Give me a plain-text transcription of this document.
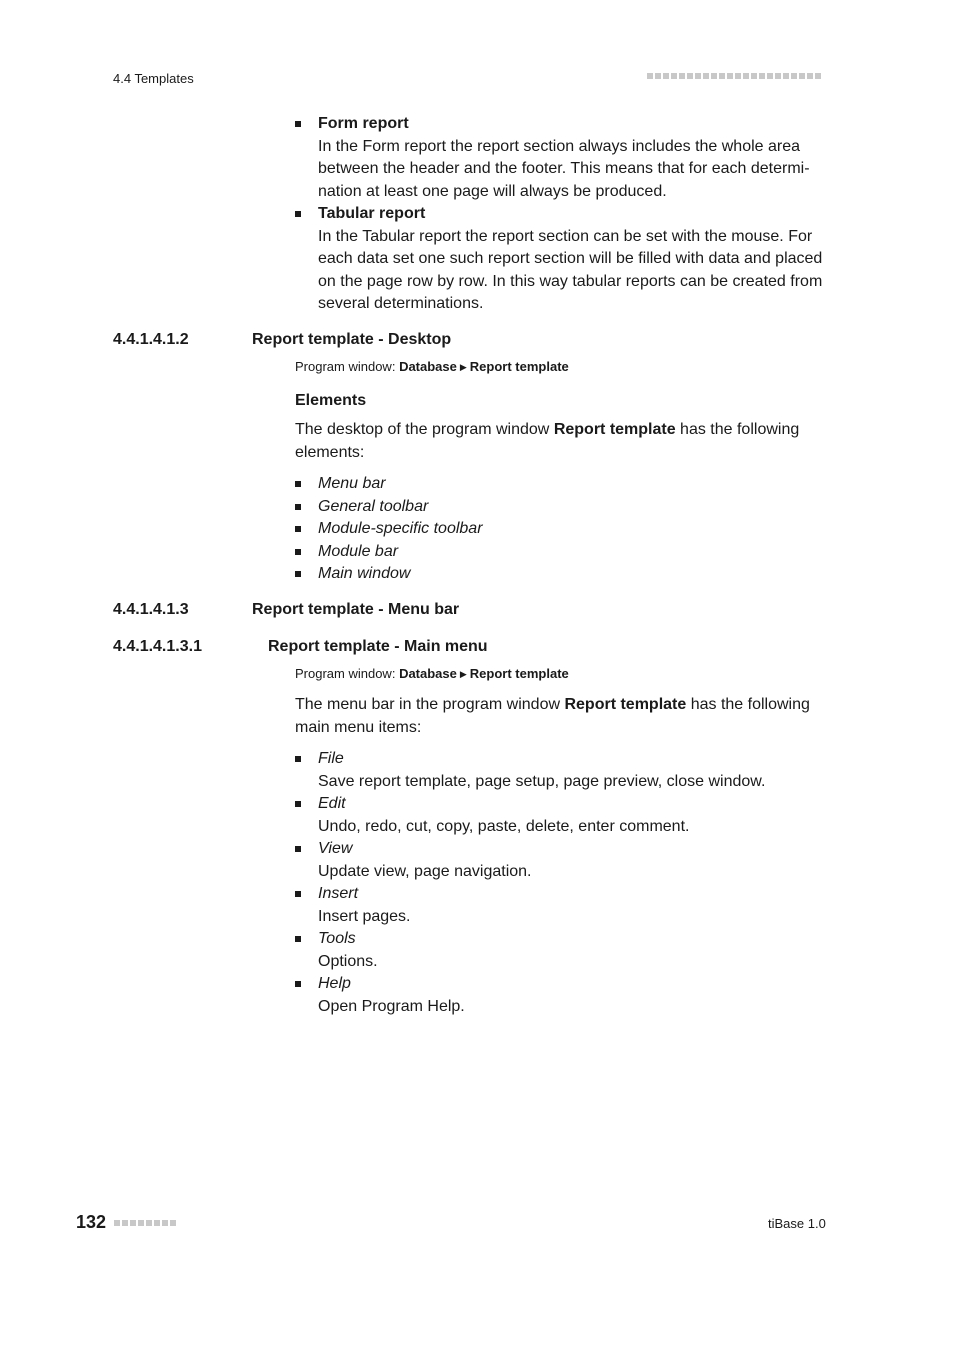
4.4 Templates
Form report
In the Form report the report section always includes the whole area between the header and the footer. This means that for each determi-nation at least one page will always be produced.
Tabular report
In the Tabular report the report section can be set with the mouse. For each data set one such report section will be filled with data and placed on the page row by row. In this way tabular reports can be created from several determinations.
4.4.1.4.1.2	Report template - Desktop
Program window: Database ▶ Report template
Elements
The desktop of the program window Report template has the following elements:
Menu bar
General toolbar
Module-specific toolbar
Module bar
Main window
4.4.1.4.1.3	Report template - Menu bar
4.4.1.4.1.3.1	Report template - Main menu
Program window: Database ▶ Report template
The menu bar in the program window Report template has the following main menu items:
File
Save report template, page setup, page preview, close window.
Edit
Undo, redo, cut, copy, paste, delete, enter comment.
View
Update view, page navigation.
Insert
Insert pages.
Tools
Options.
Help
Open Program Help.
132	tiBase 1.0
